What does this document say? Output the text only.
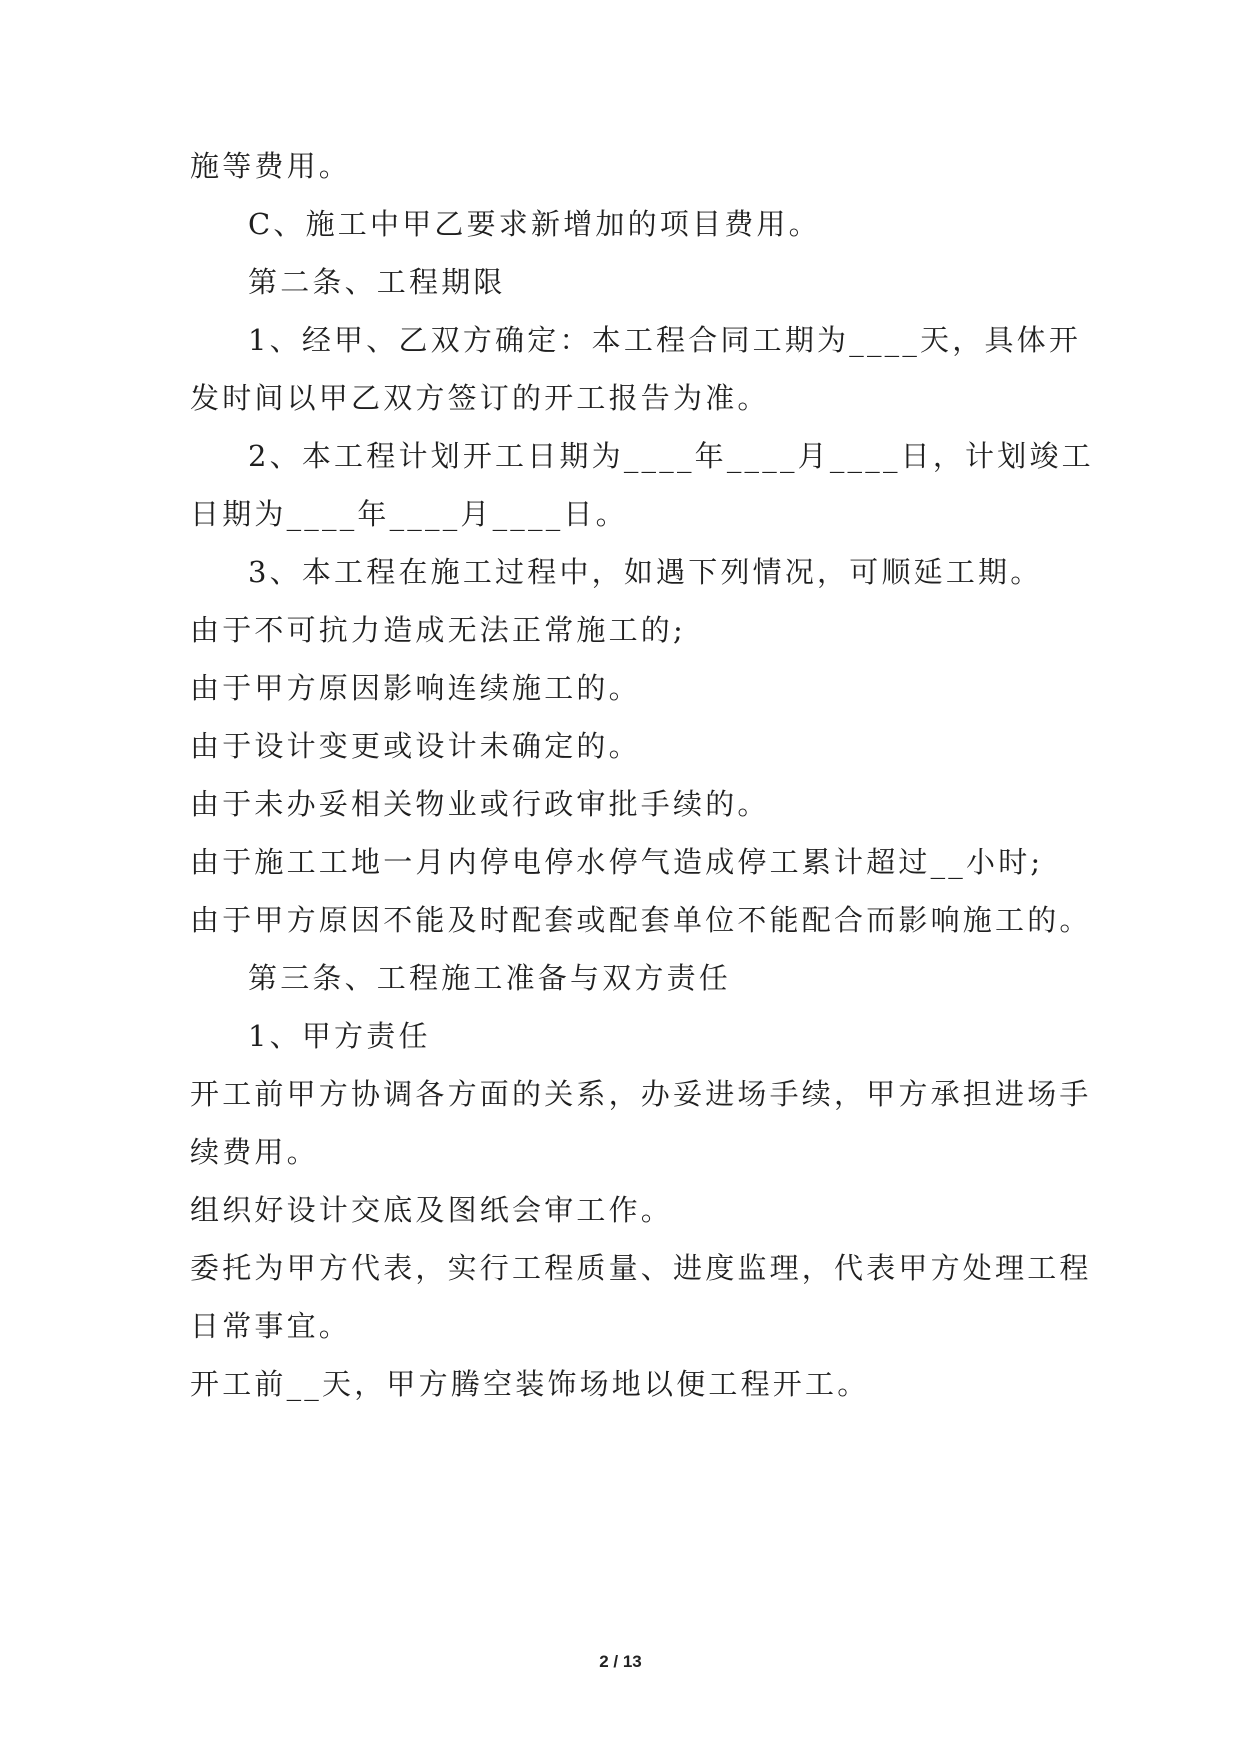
施等费用。
C、施工中甲乙要求新增加的项目费用。
第二条、工程期限
1、经甲、乙双方确定：本工程合同工期为____天，具体开
发时间以甲乙双方签订的开工报告为准。
2、本工程计划开工日期为____年____月____日，计划竣工
日期为____年____月____日。
3、本工程在施工过程中，如遇下列情况，可顺延工期。
由于不可抗力造成无法正常施工的;
由于甲方原因影响连续施工的。
由于设计变更或设计未确定的。
由于未办妥相关物业或行政审批手续的。
由于施工工地一月内停电停水停气造成停工累计超过__小时;
由于甲方原因不能及时配套或配套单位不能配合而影响施工的。
第三条、工程施工准备与双方责任
1、甲方责任
开工前甲方协调各方面的关系，办妥进场手续，甲方承担进场手
续费用。
组织好设计交底及图纸会审工作。
委托为甲方代表，实行工程质量、进度监理，代表甲方处理工程
日常事宜。
开工前__天，甲方腾空装饰场地以便工程开工。
2 / 13
